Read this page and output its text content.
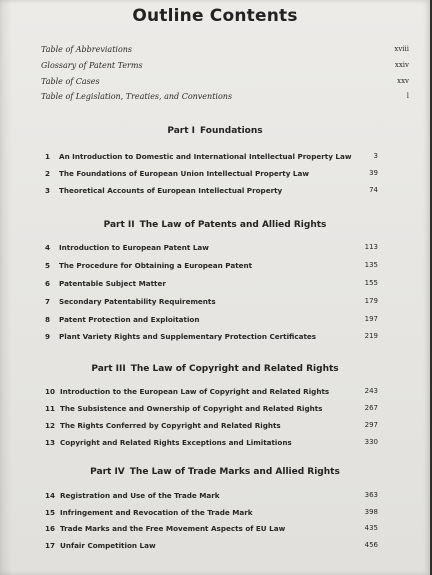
Outline Contents
Table of Abbreviations	xviii
Glossary of Patent Terms	xxiv
Table of Cases	xxv
Table of Legislation, Treaties, and Conventions	l
Part I Foundations
1	An Introduction to Domestic and International Intellectual Property Law	3
2	The Foundations of European Union Intellectual Property Law	39
3	Theoretical Accounts of European Intellectual Property	74
Part II The Law of Patents and Allied Rights
4	Introduction to European Patent Law	113
5	The Procedure for Obtaining a European Patent	135
6	Patentable Subject Matter	155
7	Secondary Patentability Requirements	179
8	Patent Protection and Exploitation	197
9	Plant Variety Rights and Supplementary Protection Certificates	219
Part III The Law of Copyright and Related Rights
10 Introduction to the European Law of Copyright and Related Rights	243
11 The Subsistence and Ownership of Copyright and Related Rights	267
12 The Rights Conferred by Copyright and Related Rights	297
13 Copyright and Related Rights Exceptions and Limitations	330
Part IV The Law of Trade Marks and Allied Rights
14 Registration and Use of the Trade Mark	363
15 Infringement and Revocation of the Trade Mark	398
16 Trade Marks and the Free Movement Aspects of EU Law	435
17 Unfair Competition Law	456
